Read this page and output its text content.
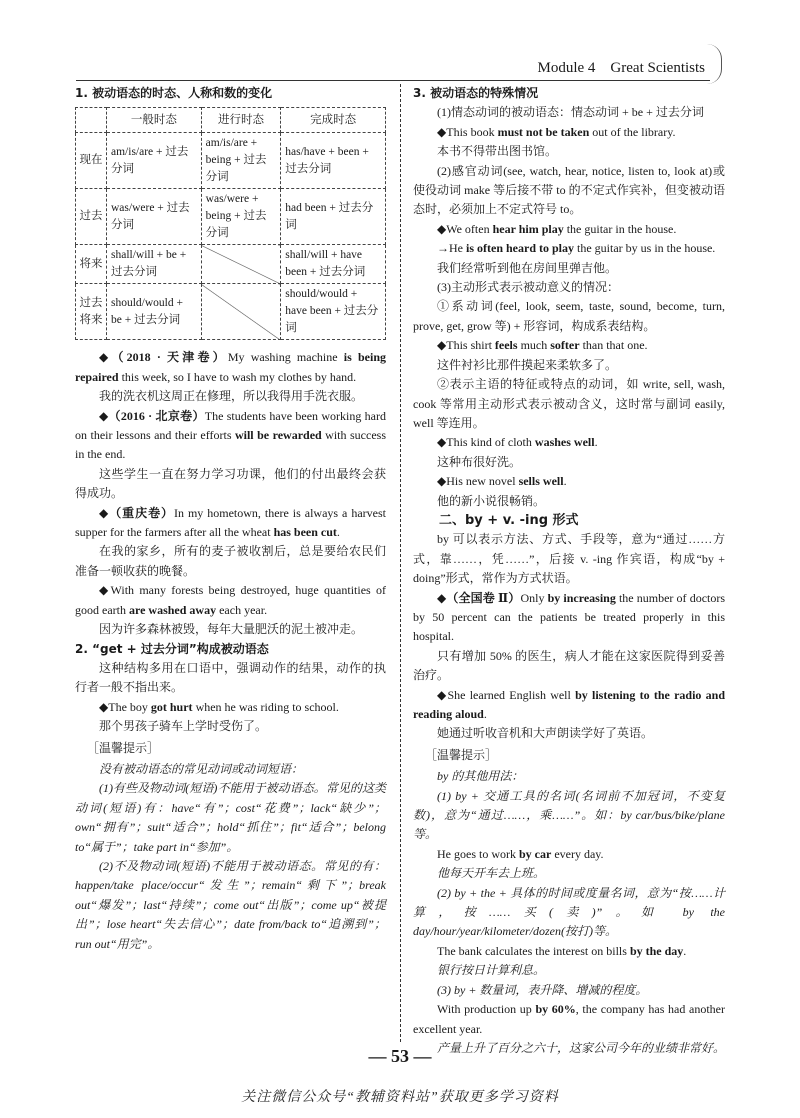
Module 4　Great Scientists

1. 被动语态的时态、人称和数的变化

	一般时态	进行时态	完成时态
现在	am/is/are + 过去分词	am/is/are + being + 过去分词	has/have + been + 过去分词
过去	was/were + 过去分词	was/were + being + 过去分词	had been + 过去分词
将来	shall/will + be + 过去分词		shall/will + have been + 过去分词
过去将来	should/would + be + 过去分词		should/would + have been + 过去分词

◆（2018 · 天津卷）My washing machine is being repaired this week, so I have to wash my clothes by hand.

我的洗衣机这周正在修理，所以我得用手洗衣服。

◆（2016 · 北京卷）The students have been working hard on their lessons and their efforts will be rewarded with success in the end.

这些学生一直在努力学习功课，他们的付出最终会获得成功。

◆（重庆卷）In my hometown, there is always a harvest supper for the farmers after all the wheat has been cut.

在我的家乡，所有的麦子被收割后，总是要给农民们准备一顿收获的晚餐。

◆With many forests being destroyed, huge quantities of good earth are washed away each year.

因为许多森林被毁，每年大量肥沃的泥土被冲走。

2. “get + 过去分词”构成被动语态

这种结构多用在口语中，强调动作的结果，动作的执行者一般不指出来。

◆The boy got hurt when he was riding to school.

那个男孩子骑车上学时受伤了。

［温馨提示］

没有被动语态的常见动词或动词短语：

(1)有些及物动词(短语)不能用于被动语态。常见的这类动词(短语)有：have“有”；cost“花费”；lack“缺少”；own“拥有”；suit“适合”；hold“抓住”；fit“适合”；belong to“属于”；take part in“参加”。

(2)不及物动词(短语)不能用于被动语态。常见的有：happen/take place/occur“发生”；remain“剩下”；break out“爆发”；last“持续”；come out“出版”；come up“被提出”；lose heart“失去信心”；date from/back to“追溯到”；run out“用完”。

3. 被动语态的特殊情况

(1)情态动词的被动语态：情态动词 + be + 过去分词

◆This book must not be taken out of the library.

本书不得带出图书馆。

(2)感官动词(see, watch, hear, notice, listen to, look at)或使役动词 make 等后接不带 to 的不定式作宾补，但变被动语态时，必须加上不定式符号 to。

◆We often hear him play the guitar in the house.

→He is often heard to play the guitar by us in the house.

我们经常听到他在房间里弹吉他。

(3)主动形式表示被动意义的情况：

①系动词(feel, look, seem, taste, sound, become, turn, prove, get, grow 等) + 形容词，构成系表结构。

◆This shirt feels much softer than that one.

这件衬衫比那件摸起来柔软多了。

②表示主语的特征或特点的动词，如 write, sell, wash, cook 等常用主动形式表示被动含义，这时常与副词 easily, well 等连用。

◆This kind of cloth washes well.

这种布很好洗。

◆His new novel sells well.

他的新小说很畅销。

二、by + v. -ing 形式

by 可以表示方法、方式、手段等，意为“通过……方式，靠……，凭……”，后接 v. -ing 作宾语，构成“by + doing”形式，常作为方式状语。

◆（全国卷 Ⅱ）Only by increasing the number of doctors by 50 percent can the patients be treated properly in this hospital.

只有增加 50% 的医生，病人才能在这家医院得到妥善治疗。

◆She learned English well by listening to the radio and reading aloud.

她通过听收音机和大声朗读学好了英语。

［温馨提示］

by 的其他用法：

(1) by + 交通工具的名词(名词前不加冠词，不变复数)，意为“通过……，乘……”。如：by car/bus/bike/plane 等。

He goes to work by car every day.

他每天开车去上班。

(2) by + the + 具体的时间或度量名词，意为“按……计算，按……买(卖)”。如 by the day/hour/year/kilometer/dozen(按打)等。

The bank calculates the interest on bills by the day.

银行按日计算利息。

(3) by + 数量词，表升降、增减的程度。

With production up by 60%, the company has had another excellent year.

产量上升了百分之六十，这家公司今年的业绩非常好。

— 53 —
关注微信公众号“教辅资料站”获取更多学习资料
